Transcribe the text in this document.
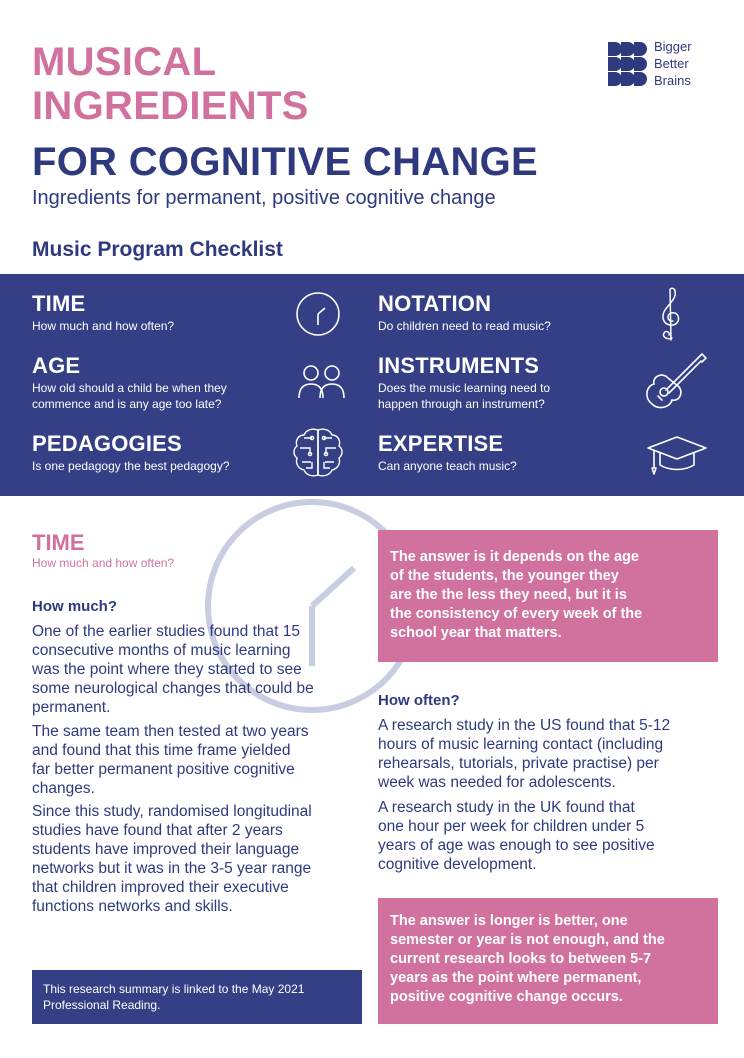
MUSICAL
INGREDIENTS
FOR COGNITIVE CHANGE
Ingredients for permanent, positive cognitive change
Music Program Checklist
Bigger
Better
Brains
TIME
How much and how often?
AGE
How old should a child be when they
commence and is any age too late?
PEDAGOGIES
Is one pedagogy the best pedagogy?
NOTATION
Do children need to read music?
INSTRUMENTS
Does the music learning need to
happen through an instrument?
EXPERTISE
Can anyone teach music?
TIME
How much and how often?
How much?
One of the earlier studies found that 15
consecutive months of music learning
was the point where they started to see
some neurological changes that could be
permanent.
The same team then tested at two years
and found that this time frame yielded
far better permanent positive cognitive
changes.
Since this study, randomised longitudinal
studies have found that after 2 years
students have improved their language
networks but it was in the 3-5 year range
that children improved their executive
functions networks and skills.
The answer is it depends on the age
of the students, the younger they
are the the less they need, but it is
the consistency of every week of the
school year that matters.
How often?
A research study in the US found that 5-12
hours of music learning contact (including
rehearsals, tutorials, private practise) per
week was needed for adolescents.
A research study in the UK found that
one hour per week for children under 5
years of age was enough to see positive
cognitive development.
The answer is longer is better, one
semester or year is not enough, and the
current research looks to between 5-7
years as the point where permanent,
positive cognitive change occurs.
This research summary is linked to the May 2021
Professional Reading.
